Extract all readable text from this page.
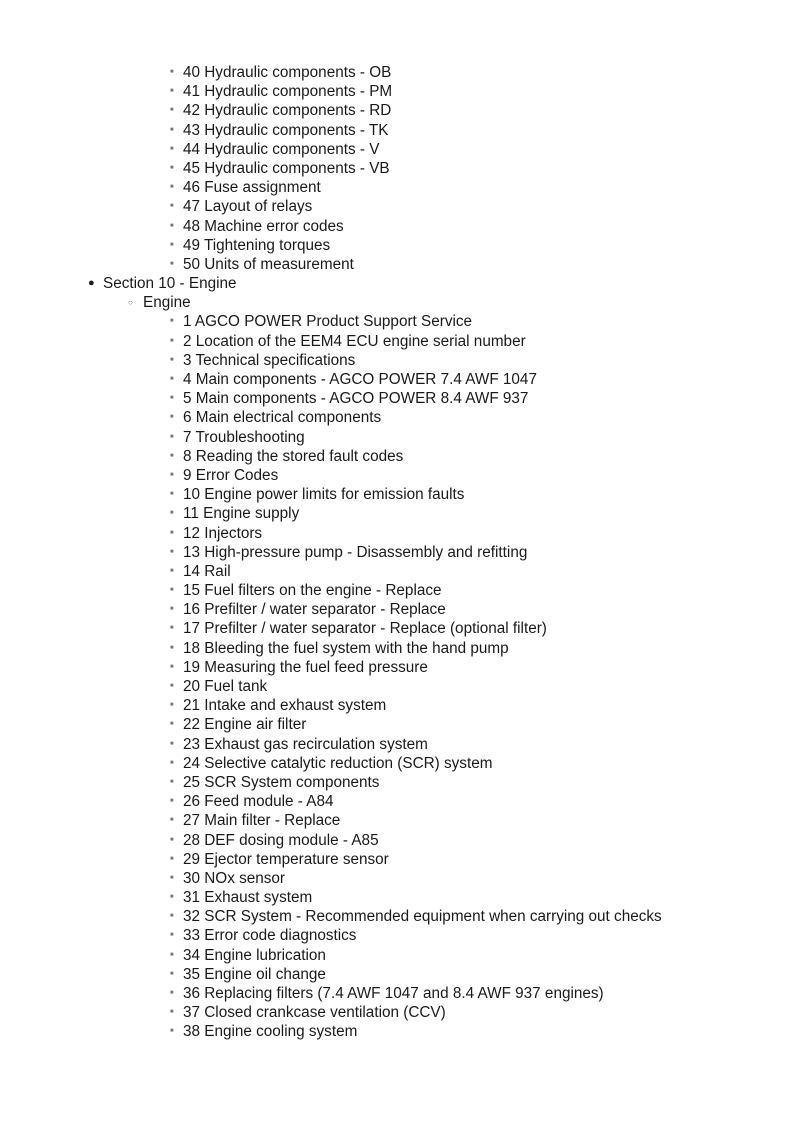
■ 40 Hydraulic components - OB
■ 41 Hydraulic components - PM
■ 42 Hydraulic components - RD
■ 43 Hydraulic components - TK
■ 44 Hydraulic components - V
■ 45 Hydraulic components - VB
■ 46 Fuse assignment
■ 47 Layout of relays
■ 48 Machine error codes
■ 49 Tightening torques
■ 50 Units of measurement
● Section 10 - Engine
○ Engine
■ 1 AGCO POWER Product Support Service
■ 2 Location of the EEM4 ECU engine serial number
■ 3 Technical specifications
■ 4 Main components - AGCO POWER 7.4 AWF 1047
■ 5 Main components - AGCO POWER 8.4 AWF 937
■ 6 Main electrical components
■ 7 Troubleshooting
■ 8 Reading the stored fault codes
■ 9 Error Codes
■ 10 Engine power limits for emission faults
■ 11 Engine supply
■ 12 Injectors
■ 13 High-pressure pump - Disassembly and refitting
■ 14 Rail
■ 15 Fuel filters on the engine - Replace
■ 16 Prefilter / water separator - Replace
■ 17 Prefilter / water separator - Replace (optional filter)
■ 18 Bleeding the fuel system with the hand pump
■ 19 Measuring the fuel feed pressure
■ 20 Fuel tank
■ 21 Intake and exhaust system
■ 22 Engine air filter
■ 23 Exhaust gas recirculation system
■ 24 Selective catalytic reduction (SCR) system
■ 25 SCR System components
■ 26 Feed module - A84
■ 27 Main filter - Replace
■ 28 DEF dosing module - A85
■ 29 Ejector temperature sensor
■ 30 NOx sensor
■ 31 Exhaust system
■ 32 SCR System - Recommended equipment when carrying out checks
■ 33 Error code diagnostics
■ 34 Engine lubrication
■ 35 Engine oil change
■ 36 Replacing filters (7.4 AWF 1047 and 8.4 AWF 937 engines)
■ 37 Closed crankcase ventilation (CCV)
■ 38 Engine cooling system
